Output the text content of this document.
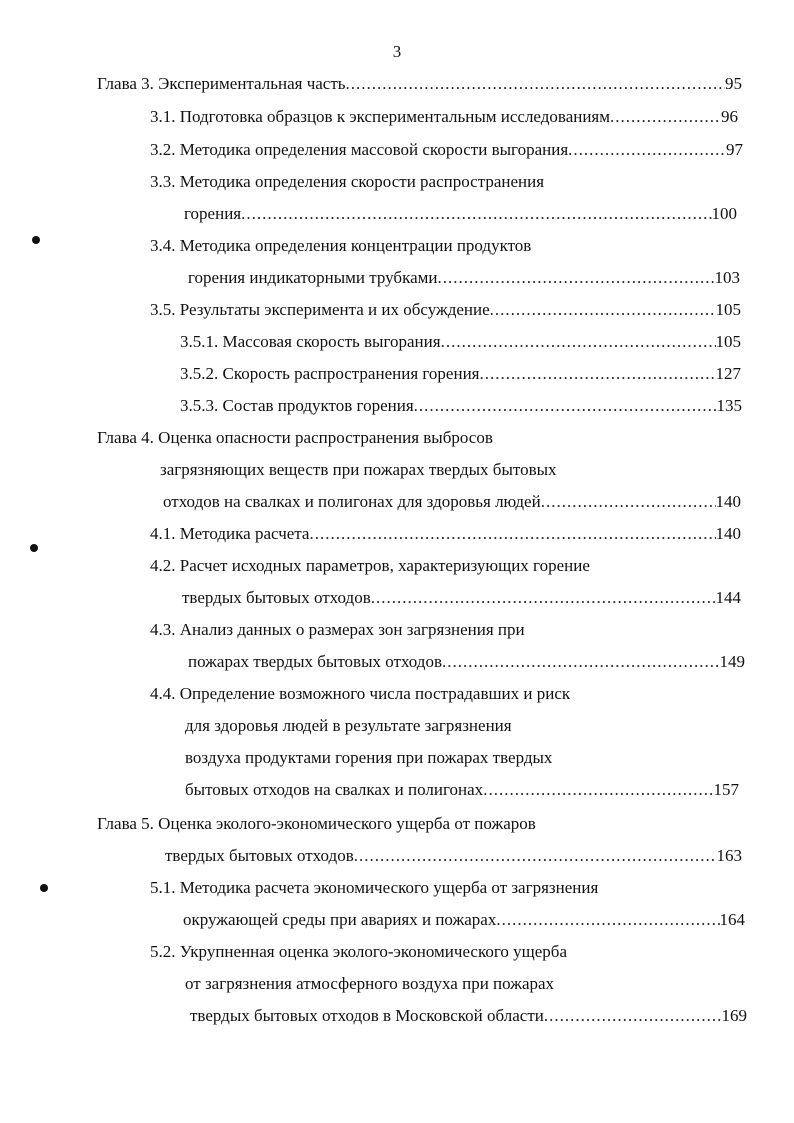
3
Глава 3. Экспериментальная часть .....	95
3.1. Подготовка образцов к экспериментальным исследованиям .....	96
3.2. Методика определения массовой скорости выгорания .....	97
3.3. Методика определения скорости распространения
горения .....	100
3.4. Методика определения концентрации продуктов
горения индикаторными трубками .....	103
3.5. Результаты эксперимента и их обсуждение .....	105
3.5.1. Массовая скорость выгорания .....	105
3.5.2. Скорость распространения горения .....	127
3.5.3. Состав продуктов горения .....	135
Глава 4. Оценка опасности распространения выбросов
загрязняющих веществ при пожарах твердых бытовых
отходов на свалках и полигонах для здоровья людей .....	140
4.1. Методика расчета .....	140
4.2. Расчет исходных параметров, характеризующих горение
твердых бытовых отходов .....	144
4.3. Анализ данных о размерах зон загрязнения при
пожарах твердых бытовых отходов .....	149
4.4. Определение возможного числа пострадавших и риск
для здоровья людей в результате загрязнения
воздуха продуктами горения при пожарах твердых
бытовых отходов на свалках и полигонах .....	157
Глава 5. Оценка эколого-экономического ущерба от пожаров
твердых бытовых отходов .....	163
5.1. Методика расчета экономического ущерба от загрязнения
окружающей среды при авариях и пожарах .....	164
5.2. Укрупненная оценка эколого-экономического ущерба
от загрязнения атмосферного воздуха при пожарах
твердых бытовых отходов в Московской области .....	169
